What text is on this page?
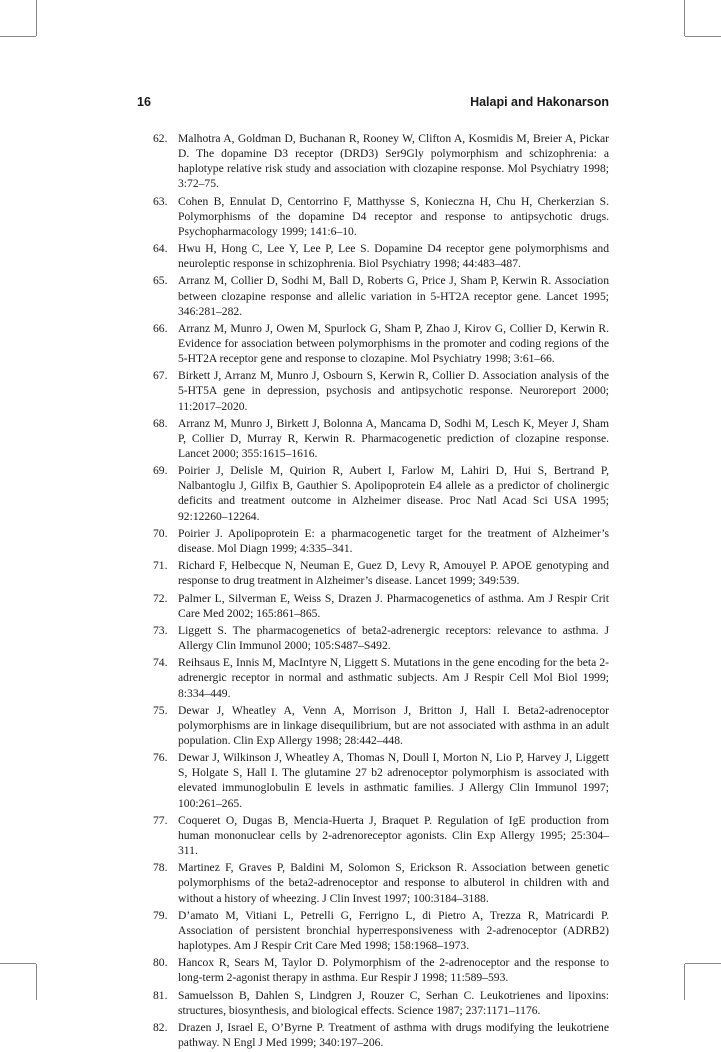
16	Halapi and Hakonarson
62. Malhotra A, Goldman D, Buchanan R, Rooney W, Clifton A, Kosmidis M, Breier A, Pickar D. The dopamine D3 receptor (DRD3) Ser9Gly polymorphism and schizophrenia: a haplotype relative risk study and association with clozapine response. Mol Psychiatry 1998; 3:72–75.
63. Cohen B, Ennulat D, Centorrino F, Matthysse S, Konieczna H, Chu H, Cherkerzian S. Polymorphisms of the dopamine D4 receptor and response to antipsychotic drugs. Psychopharmacology 1999; 141:6–10.
64. Hwu H, Hong C, Lee Y, Lee P, Lee S. Dopamine D4 receptor gene polymorphisms and neuroleptic response in schizophrenia. Biol Psychiatry 1998; 44:483–487.
65. Arranz M, Collier D, Sodhi M, Ball D, Roberts G, Price J, Sham P, Kerwin R. Association between clozapine response and allelic variation in 5-HT2A receptor gene. Lancet 1995; 346:281–282.
66. Arranz M, Munro J, Owen M, Spurlock G, Sham P, Zhao J, Kirov G, Collier D, Kerwin R. Evidence for association between polymorphisms in the promoter and coding regions of the 5-HT2A receptor gene and response to clozapine. Mol Psychiatry 1998; 3:61–66.
67. Birkett J, Arranz M, Munro J, Osbourn S, Kerwin R, Collier D. Association analysis of the 5-HT5A gene in depression, psychosis and antipsychotic response. Neuroreport 2000; 11:2017–2020.
68. Arranz M, Munro J, Birkett J, Bolonna A, Mancama D, Sodhi M, Lesch K, Meyer J, Sham P, Collier D, Murray R, Kerwin R. Pharmacogenetic prediction of clozapine response. Lancet 2000; 355:1615–1616.
69. Poirier J, Delisle M, Quirion R, Aubert I, Farlow M, Lahiri D, Hui S, Bertrand P, Nalbantoglu J, Gilfix B, Gauthier S. Apolipoprotein E4 allele as a predictor of cholinergic deficits and treatment outcome in Alzheimer disease. Proc Natl Acad Sci USA 1995; 92:12260–12264.
70. Poirier J. Apolipoprotein E: a pharmacogenetic target for the treatment of Alzheimer’s disease. Mol Diagn 1999; 4:335–341.
71. Richard F, Helbecque N, Neuman E, Guez D, Levy R, Amouyel P. APOE genotyping and response to drug treatment in Alzheimer’s disease. Lancet 1999; 349:539.
72. Palmer L, Silverman E, Weiss S, Drazen J. Pharmacogenetics of asthma. Am J Respir Crit Care Med 2002; 165:861–865.
73. Liggett S. The pharmacogenetics of beta2-adrenergic receptors: relevance to asthma. J Allergy Clin Immunol 2000; 105:S487–S492.
74. Reihsaus E, Innis M, MacIntyre N, Liggett S. Mutations in the gene encoding for the beta 2-adrenergic receptor in normal and asthmatic subjects. Am J Respir Cell Mol Biol 1999; 8:334–449.
75. Dewar J, Wheatley A, Venn A, Morrison J, Britton J, Hall I. Beta2-adrenoceptor polymorphisms are in linkage disequilibrium, but are not associated with asthma in an adult population. Clin Exp Allergy 1998; 28:442–448.
76. Dewar J, Wilkinson J, Wheatley A, Thomas N, Doull I, Morton N, Lio P, Harvey J, Liggett S, Holgate S, Hall I. The glutamine 27 b2 adrenoceptor polymorphism is associated with elevated immunoglobulin E levels in asthmatic families. J Allergy Clin Immunol 1997; 100:261–265.
77. Coqueret O, Dugas B, Mencia-Huerta J, Braquet P. Regulation of IgE production from human mononuclear cells by 2-adrenoreceptor agonists. Clin Exp Allergy 1995; 25:304–311.
78. Martinez F, Graves P, Baldini M, Solomon S, Erickson R. Association between genetic polymorphisms of the beta2-adrenoceptor and response to albuterol in children with and without a history of wheezing. J Clin Invest 1997; 100:3184–3188.
79. D’amato M, Vitiani L, Petrelli G, Ferrigno L, di Pietro A, Trezza R, Matricardi P. Association of persistent bronchial hyperresponsiveness with 2-adrenoceptor (ADRB2) haplotypes. Am J Respir Crit Care Med 1998; 158:1968–1973.
80. Hancox R, Sears M, Taylor D. Polymorphism of the 2-adrenoceptor and the response to long-term 2-agonist therapy in asthma. Eur Respir J 1998; 11:589–593.
81. Samuelsson B, Dahlen S, Lindgren J, Rouzer C, Serhan C. Leukotrienes and lipoxins: structures, biosynthesis, and biological effects. Science 1987; 237:1171–1176.
82. Drazen J, Israel E, O’Byrne P. Treatment of asthma with drugs modifying the leukotriene pathway. N Engl J Med 1999; 340:197–206.
